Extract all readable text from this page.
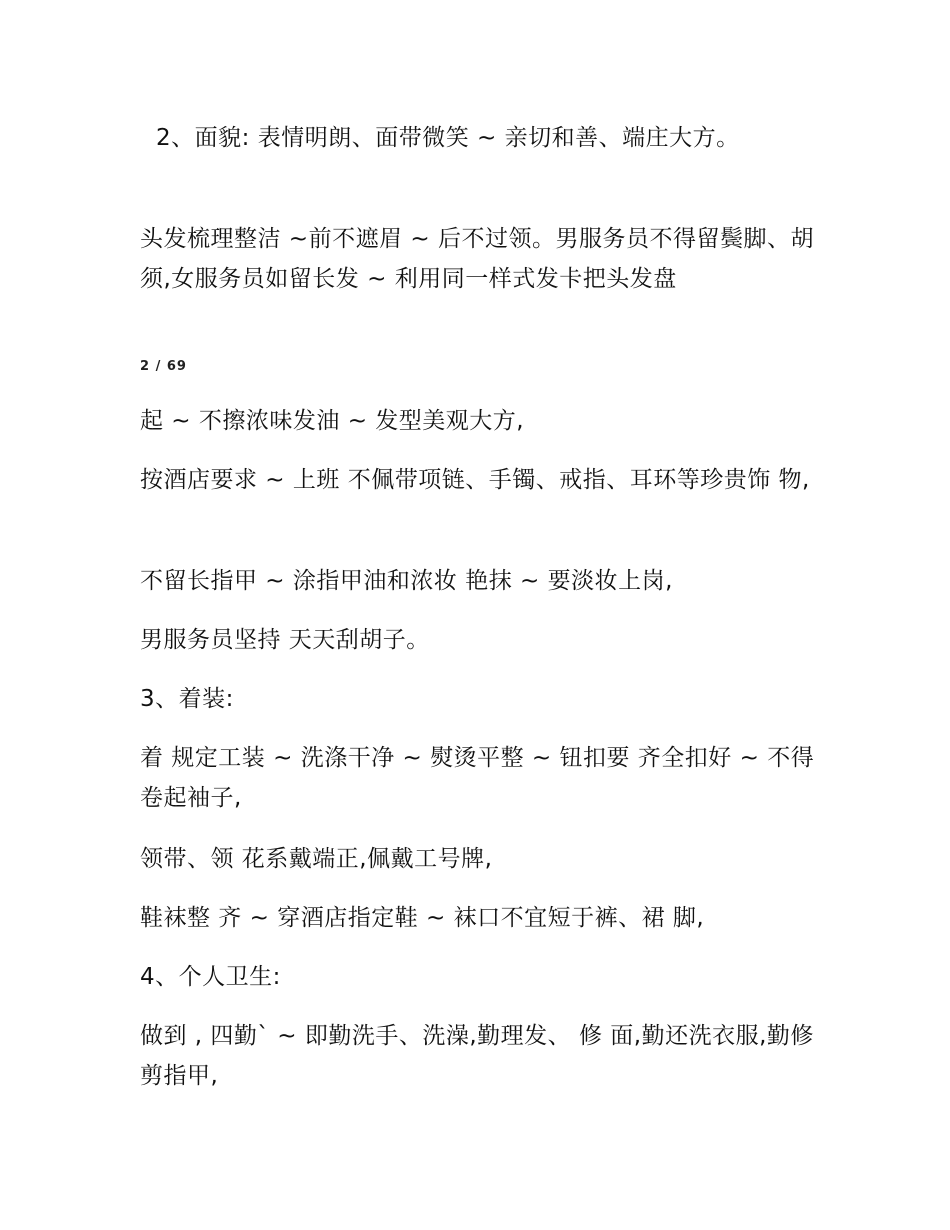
2、面貌: 表情明朗、面带微笑 ~ 亲切和善、端庄大方。
头发梳理整洁 ~前不遮眉 ~ 后不过领。男服务员不得留鬓脚、胡须,女服务员如留长发 ~ 利用同一样式发卡把头发盘
2 / 69
起 ~ 不擦浓味发油 ~ 发型美观大方,
按酒店要求 ~ 上班 不佩带项链、手镯、戒指、耳环等珍贵饰 物,
不留长指甲 ~ 涂指甲油和浓妆 艳抹 ~ 要淡妆上岗,
男服务员坚持 天天刮胡子。
3、着装:
着 规定工装 ~ 洗涤干净 ~ 熨烫平整 ~ 钮扣要 齐全扣好 ~ 不得卷起袖子,
领带、领 花系戴端正,佩戴工号牌,
鞋袜整 齐 ~ 穿酒店指定鞋 ~ 袜口不宜短于裤、裙 脚,
4、个人卫生:
做到 , 四勤` ~ 即勤洗手、洗澡,勤理发、 修 面,勤还洗衣服,勤修剪指甲,
